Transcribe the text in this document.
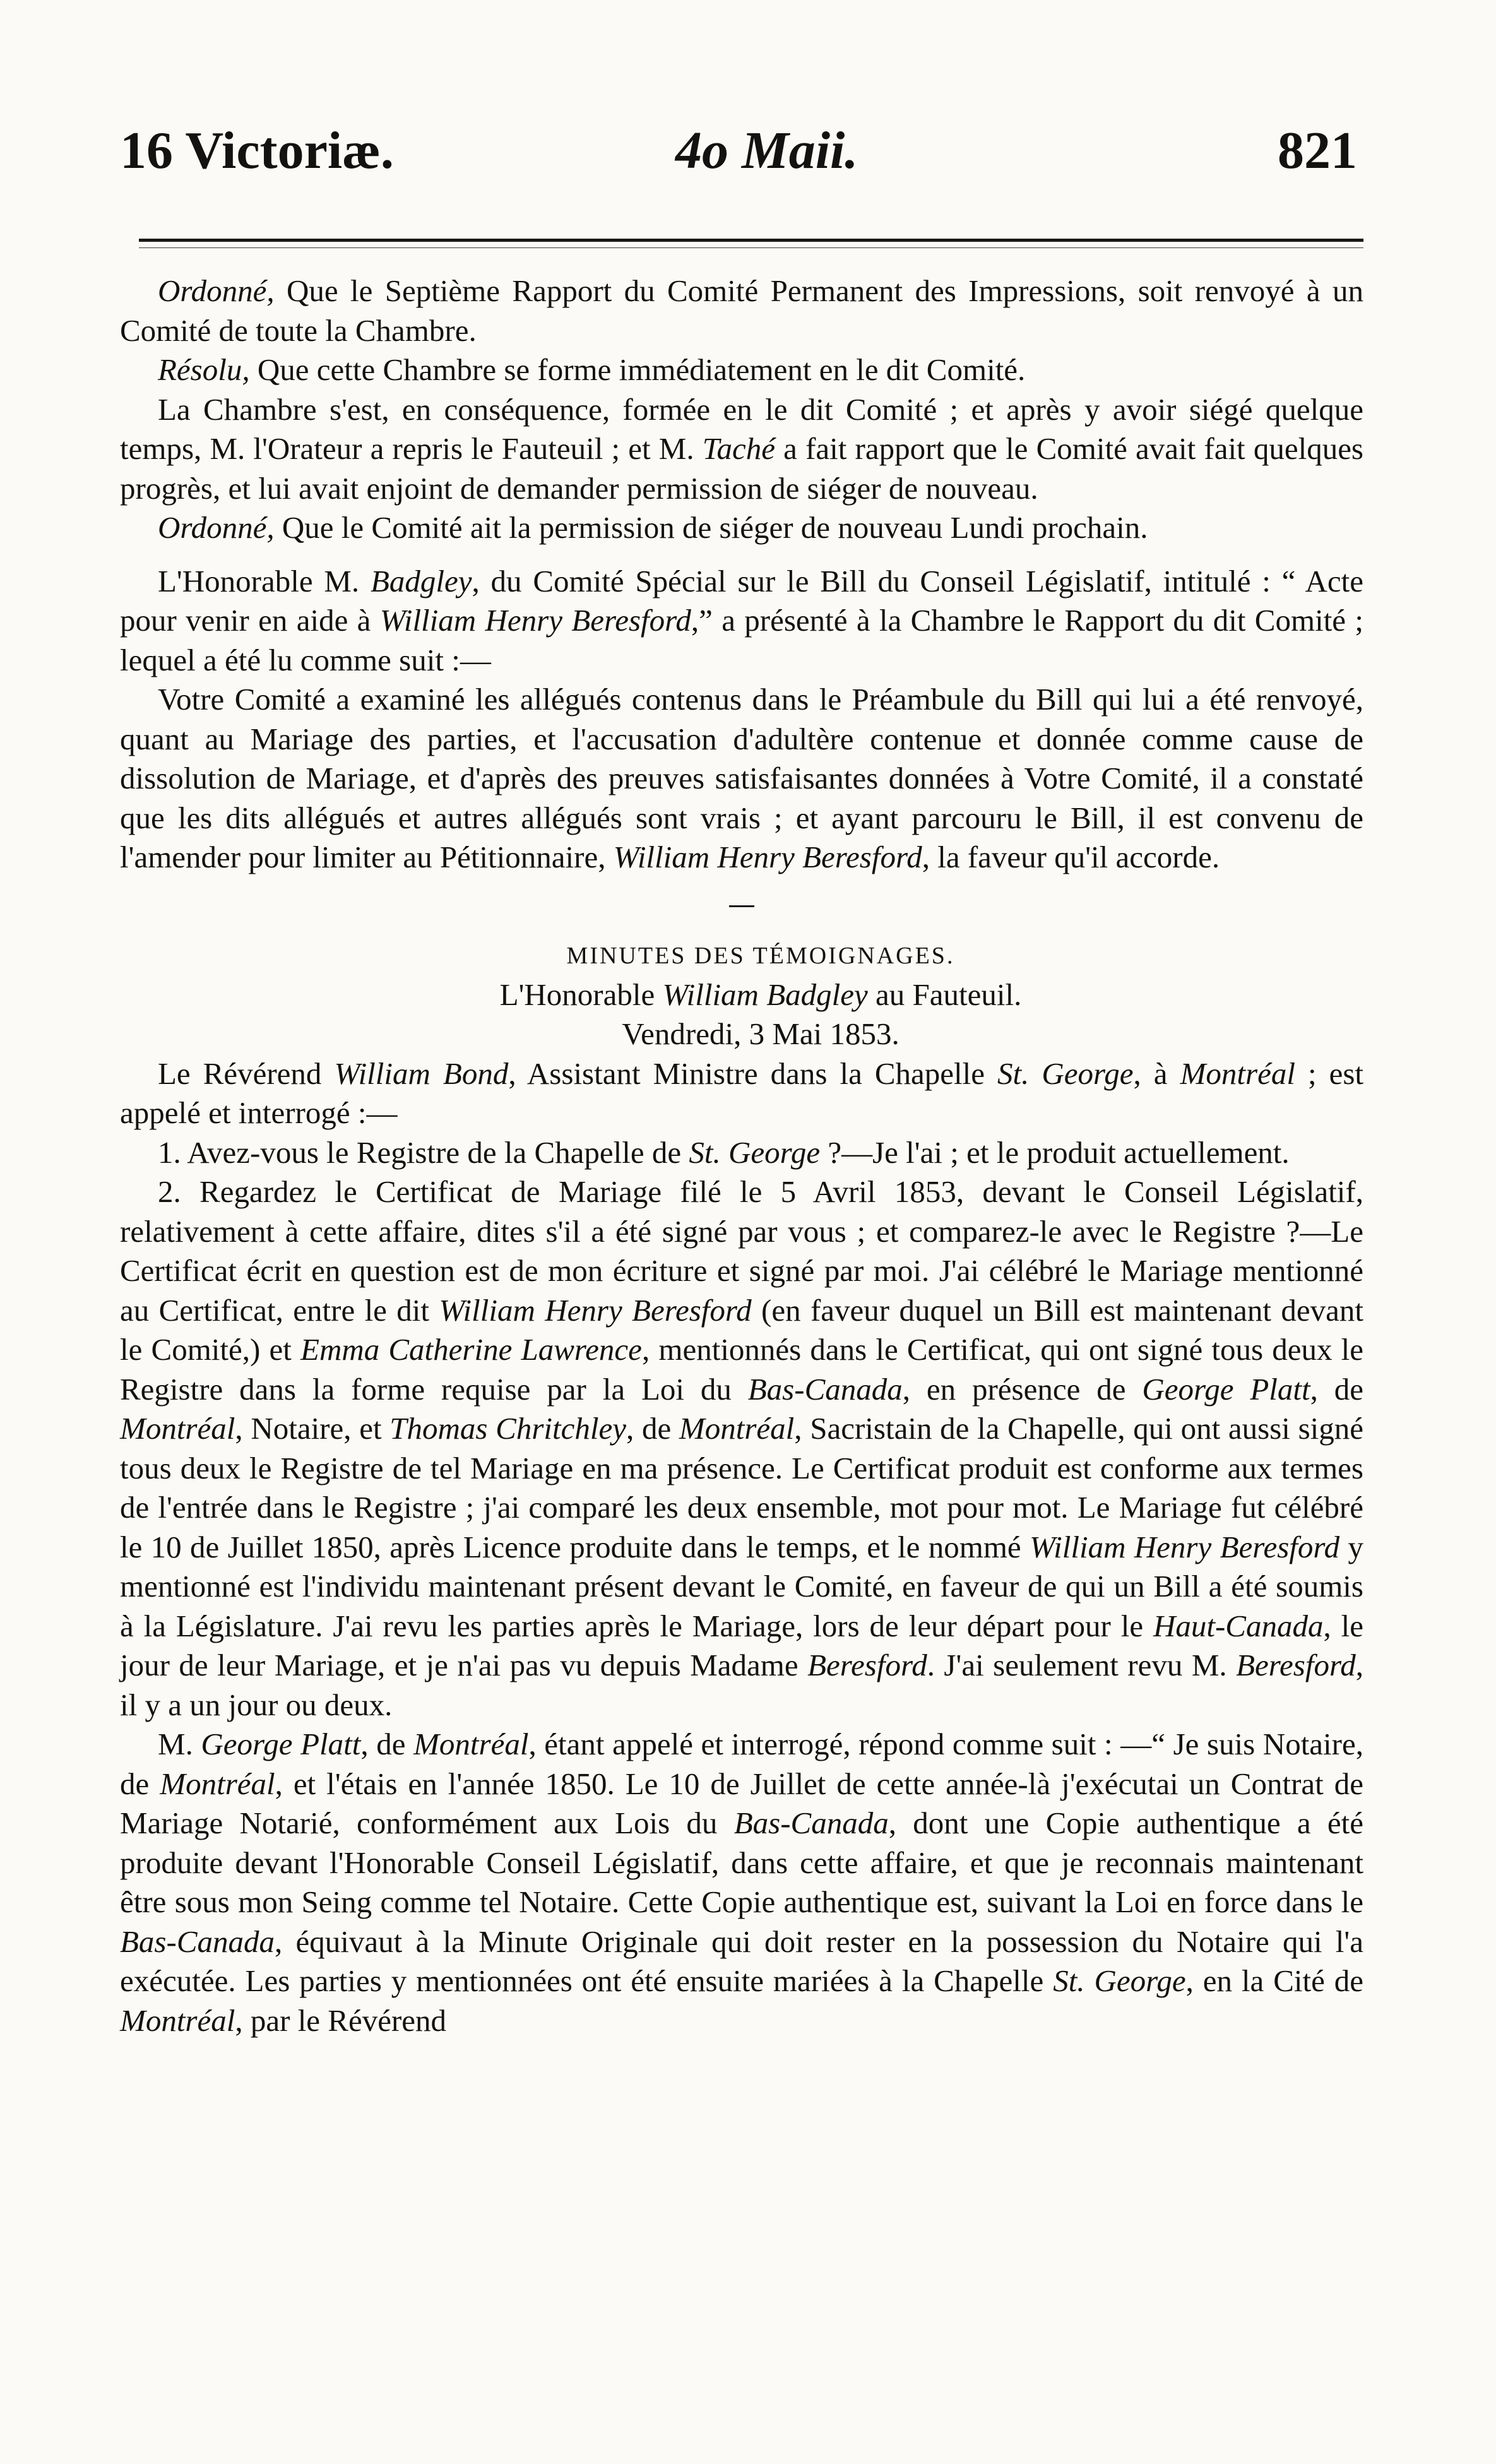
16 Victoriæ.	4o Maii.	821

Ordonné, Que le Septième Rapport du Comité Permanent des Impressions, soit renvoyé à un Comité de toute la Chambre.

Résolu, Que cette Chambre se forme immédiatement en le dit Comité.

La Chambre s'est, en conséquence, formée en le dit Comité ; et après y avoir siégé quelque temps, M. l'Orateur a repris le Fauteuil ; et M. Taché a fait rapport que le Comité avait fait quelques progrès, et lui avait enjoint de demander permission de siéger de nouveau.

Ordonné, Que le Comité ait la permission de siéger de nouveau Lundi prochain.

L'Honorable M. Badgley, du Comité Spécial sur le Bill du Conseil Législatif, intitulé : “ Acte pour venir en aide à William Henry Beresford,” a présenté à la Chambre le Rapport du dit Comité ; lequel a été lu comme suit :—

Votre Comité a examiné les allégués contenus dans le Préambule du Bill qui lui a été renvoyé, quant au Mariage des parties, et l'accusation d'adultère contenue et donnée comme cause de dissolution de Mariage, et d'après des preuves satisfaisantes données à Votre Comité, il a constaté que les dits allégués et autres allégués sont vrais ; et ayant parcouru le Bill, il est convenu de l'amender pour limiter au Pétitionnaire, William Henry Beresford, la faveur qu'il accorde.

MINUTES DES TÉMOIGNAGES.

L'Honorable William Badgley au Fauteuil.

Vendredi, 3 Mai 1853.

Le Révérend William Bond, Assistant Ministre dans la Chapelle St. George, à Montréal ; est appelé et interrogé :—

1. Avez-vous le Registre de la Chapelle de St. George ?—Je l'ai ; et le produit actuellement.

2. Regardez le Certificat de Mariage filé le 5 Avril 1853, devant le Conseil Législatif, relativement à cette affaire, dites s'il a été signé par vous ; et comparez-le avec le Registre ?—Le Certificat écrit en question est de mon écriture et signé par moi. J'ai célébré le Mariage mentionné au Certificat, entre le dit William Henry Beresford (en faveur duquel un Bill est maintenant devant le Comité,) et Emma Catherine Lawrence, mentionnés dans le Certificat, qui ont signé tous deux le Registre dans la forme requise par la Loi du Bas-Canada, en présence de George Platt, de Montréal, Notaire, et Thomas Chritchley, de Montréal, Sacristain de la Chapelle, qui ont aussi signé tous deux le Registre de tel Mariage en ma présence. Le Certificat produit est conforme aux termes de l'entrée dans le Registre ; j'ai comparé les deux ensemble, mot pour mot. Le Mariage fut célébré le 10 de Juillet 1850, après Licence produite dans le temps, et le nommé William Henry Beresford y mentionné est l'individu maintenant présent devant le Comité, en faveur de qui un Bill a été soumis à la Législature. J'ai revu les parties après le Mariage, lors de leur départ pour le Haut-Canada, le jour de leur Mariage, et je n'ai pas vu depuis Madame Beresford. J'ai seulement revu M. Beresford, il y a un jour ou deux.

M. George Platt, de Montréal, étant appelé et interrogé, répond comme suit : —“ Je suis Notaire, de Montréal, et l'étais en l'année 1850. Le 10 de Juillet de cette année-là j'exécutai un Contrat de Mariage Notarié, conformément aux Lois du Bas-Canada, dont une Copie authentique a été produite devant l'Honorable Conseil Législatif, dans cette affaire, et que je reconnais maintenant être sous mon Seing comme tel Notaire. Cette Copie authentique est, suivant la Loi en force dans le Bas-Canada, équivaut à la Minute Originale qui doit rester en la possession du Notaire qui l'a exécutée. Les parties y mentionnées ont été ensuite mariées à la Chapelle St. George, en la Cité de Montréal, par le Révérend
